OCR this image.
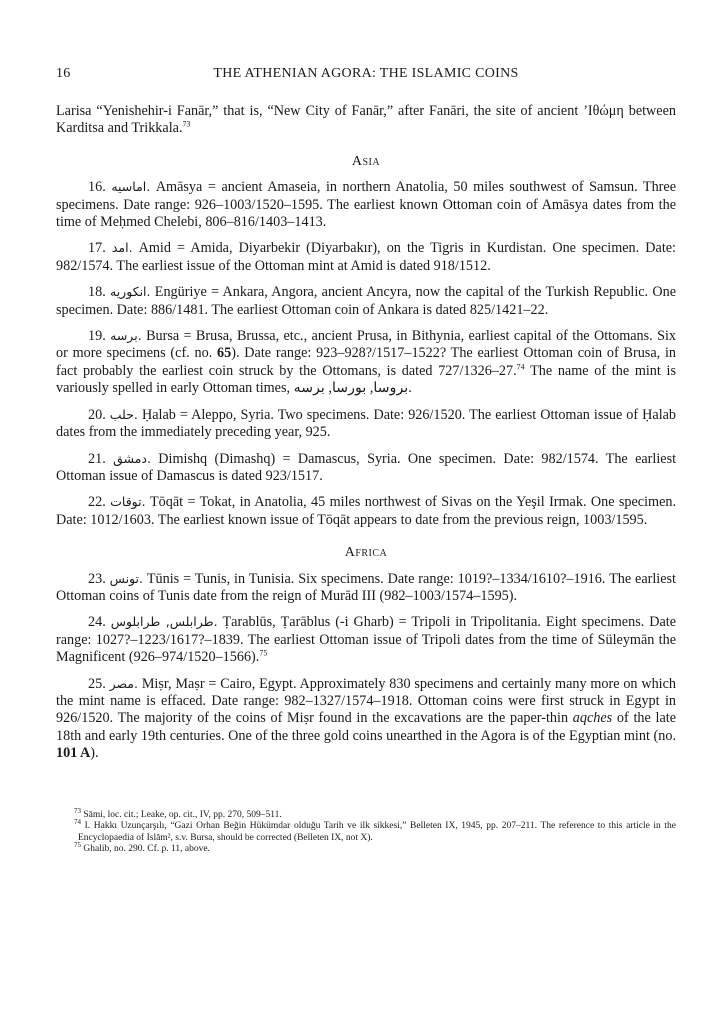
16	THE ATHENIAN AGORA: THE ISLAMIC COINS

Larisa “Yenishehir-i Fanār,” that is, “New City of Fanār,” after Fanāri, the site of ancient ’Iθώμη between Karditsa and Trikkala.$^{73}$

Asia

16. اماسيه. Amāsya = ancient Amaseia, in northern Anatolia, 50 miles southwest of Samsun. Three specimens. Date range: 926–1003/1520–1595. The earliest known Ottoman coin of Amāsya dates from the time of Meḥmed Chelebi, 806–816/1403–1413.

17. امد. Amid = Amida, Diyarbekir (Diyarbakır), on the Tigris in Kurdistan. One specimen. Date: 982/1574. The earliest issue of the Ottoman mint at Amid is dated 918/1512.

18. انكوريه. Engüriye = Ankara, Angora, ancient Ancyra, now the capital of the Turkish Republic. One specimen. Date: 886/1481. The earliest Ottoman coin of Ankara is dated 825/1421–22.

19. برسه. Bursa = Brusa, Brussa, etc., ancient Prusa, in Bithynia, earliest capital of the Ottomans. Six or more specimens (cf. no. 65). Date range: 923–928?/1517–1522? The earliest Ottoman coin of Brusa, in fact probably the earliest coin struck by the Ottomans, is dated 727/1326–27.74 The name of the mint is variously spelled in early Ottoman times, بروسا, بورسا, برسه.

20. حلب. Ḥalab = Aleppo, Syria. Two specimens. Date: 926/1520. The earliest Ottoman issue of Ḥalab dates from the immediately preceding year, 925.

21. دمشق. Dimishq (Dimashq) = Damascus, Syria. One specimen. Date: 982/1574. The earliest Ottoman issue of Damascus is dated 923/1517.

22. توقات. Tōqāt = Tokat, in Anatolia, 45 miles northwest of Sivas on the Yeşil Irmak. One specimen. Date: 1012/1603. The earliest known issue of Tōqāt appears to date from the previous reign, 1003/1595.

Africa

23. تونس. Tūnis = Tunis, in Tunisia. Six specimens. Date range: 1019?–1334/1610?–1916. The earliest Ottoman coins of Tunis date from the reign of Murād III (982–1003/1574–1595).

24. طرابلس, طرابلوس. Ṭarablūs, Ṭarāblus (-i Gharb) = Tripoli in Tripolitania. Eight specimens. Date range: 1027?–1223/1617?–1839. The earliest Ottoman issue of Tripoli dates from the time of Süleymān the Magnificent (926–974/1520–1566).$^{75}$

25. مصر. Miṣr, Maṣr = Cairo, Egypt. Approximately 830 specimens and certainly many more on which the mint name is effaced. Date range: 982–1327/1574–1918. Ottoman coins were first struck in Egypt in 926/1520. The majority of the coins of Miṣr found in the excavations are the paper-thin aqches of the late 18th and early 19th centuries. One of the three gold coins unearthed in the Agora is of the Egyptian mint (no. 101 A).

$^{73}$ Sāmi, loc. cit.; Leake, op. cit., IV, pp. 270, 509–511.

$^{74}$ I. Hakkı Uzunçarşılı, “Gazi Orhan Beğin Hükümdar olduğu Tarih ve ilk sikkesi,” Belleten IX, 1945, pp. 207–211. The reference to this article in the Encyclopaedia of Islām², s.v. Bursa, should be corrected (Belleten IX, not X).

$^{75}$ Ghalib, no. 290. Cf. p. 11, above.
